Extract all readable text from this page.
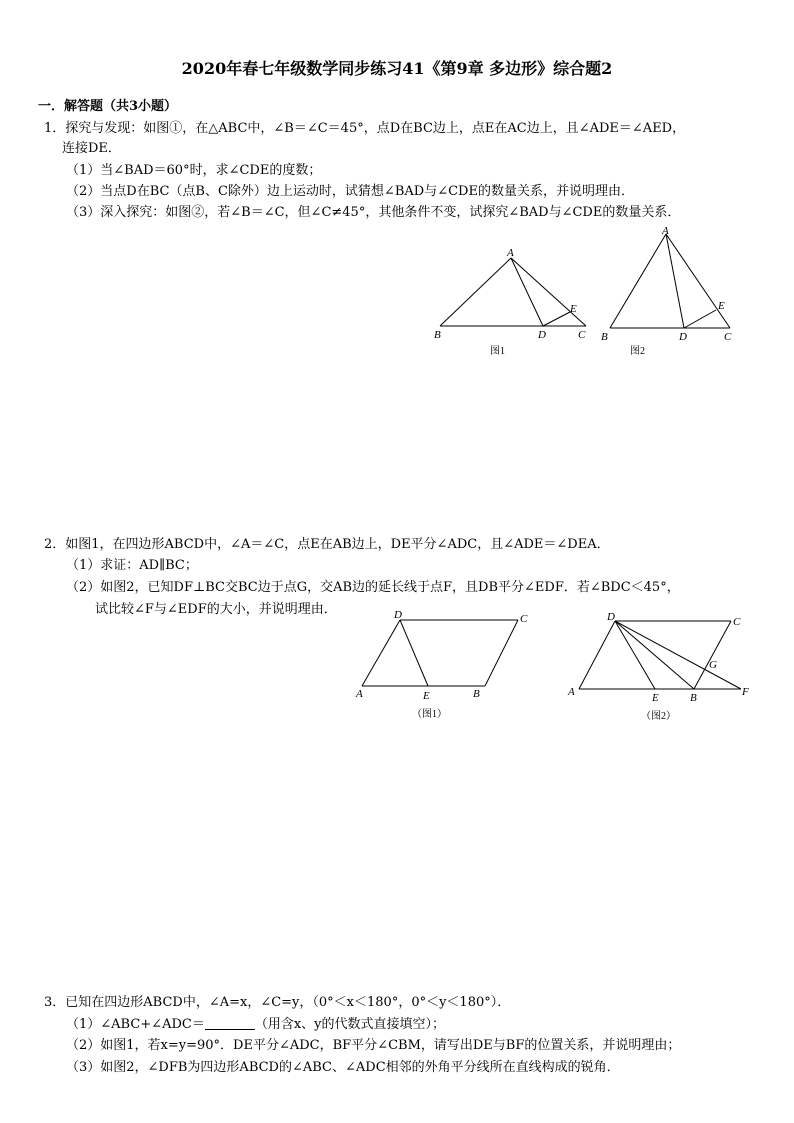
2020年春七年级数学同步练习41《第9章 多边形》综合题2
一．解答题（共3小题）
1．探究与发现：如图①，在△ABC中，∠B＝∠C＝45°，点D在BC边上，点E在AC边上，且∠ADE＝∠AED，
连接DE．
（1）当∠BAD＝60°时，求∠CDE的度数；
（2）当点D在BC（点B、C除外）边上运动时，试猜想∠BAD与∠CDE的数量关系，并说明理由．
（3）深入探究：如图②，若∠B＝∠C，但∠C≠45°，其他条件不变，试探究∠BAD与∠CDE的数量关系．
A
B	D	C
E
图1
A
B	D	C
E
图2
2．如图1，在四边形ABCD中，∠A＝∠C，点E在AB边上，DE平分∠ADC，且∠ADE＝∠DEA．
（1）求证：AD∥BC；
（2）如图2，已知DF⊥BC交BC边于点G，交AB边的延长线于点F，且DB平分∠EDF．若∠BDC＜45°，
试比较∠F与∠EDF的大小，并说明理由．	D	C
A	E	B
（图1）
D	C
A	E	B	F
G
（图2）
3．已知在四边形ABCD中，∠A=x，∠C=y，（0°＜x＜180°，0°＜y＜180°）．
（1）∠ABC+∠ADC＝	（用含x、y的代数式直接填空）；
（2）如图1，若x=y=90°．DE平分∠ADC，BF平分∠CBM，请写出DE与BF的位置关系，并说明理由；
（3）如图2，∠DFB为四边形ABCD的∠ABC、∠ADC相邻的外角平分线所在直线构成的锐角．
